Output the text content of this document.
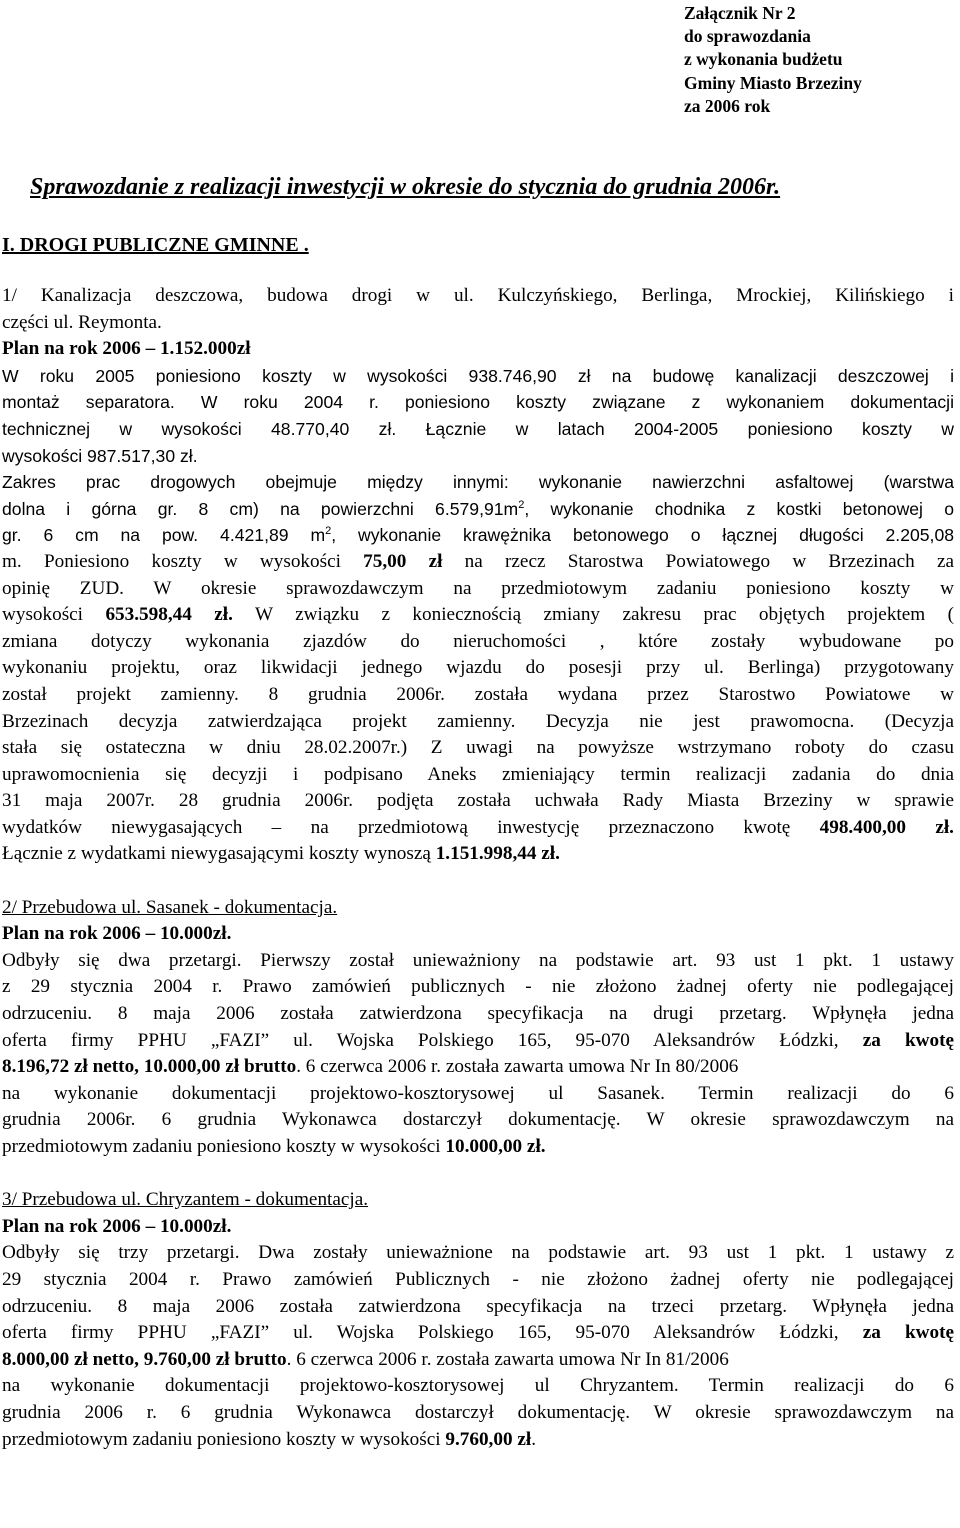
Załącznik Nr 2
do sprawozdania
z wykonania budżetu
Gminy Miasto Brzeziny
za 2006 rok
Sprawozdanie z realizacji inwestycji w okresie do stycznia do grudnia 2006r.
I. DROGI PUBLICZNE GMINNE .
1/ Kanalizacja deszczowa, budowa drogi w ul. Kulczyńskiego, Berlinga, Mrockiej, Kilińskiego i
części ul. Reymonta.
Plan na rok 2006 – 1.152.000zł
W roku 2005 poniesiono koszty w wysokości 938.746,90 zł na budowę kanalizacji deszczowej i
montaż separatora. W roku 2004 r. poniesiono koszty związane z wykonaniem dokumentacji
technicznej w wysokości 48.770,40 zł. Łącznie w latach 2004-2005 poniesiono koszty w
wysokości 987.517,30 zł.
Zakres prac drogowych obejmuje między innymi: wykonanie nawierzchni asfaltowej (warstwa
dolna i górna gr. 8 cm) na powierzchni $6.579,91m^2$, wykonanie chodnika z kostki betonowej o
gr. 6 cm na pow. 4.421,89 $m^2$, wykonanie krawężnika betonowego o łącznej długości 2.205,08
m. Poniesiono koszty w wysokości 75,00 zł na rzecz Starostwa Powiatowego w Brzezinach za
opinię ZUD. W okresie sprawozdawczym na przedmiotowym zadaniu poniesiono koszty w
wysokości 653.598,44 zł. W związku z koniecznością zmiany zakresu prac objętych projektem (
zmiana dotyczy wykonania zjazdów do nieruchomości , które zostały wybudowane po
wykonaniu projektu, oraz likwidacji jednego wjazdu do posesji przy ul. Berlinga) przygotowany
został projekt zamienny. 8 grudnia 2006r. została wydana przez Starostwo Powiatowe w
Brzezinach decyzja zatwierdzająca projekt zamienny. Decyzja nie jest prawomocna. (Decyzja
stała się ostateczna w dniu 28.02.2007r.) Z uwagi na powyższe wstrzymano roboty do czasu
uprawomocnienia się decyzji i podpisano Aneks zmieniający termin realizacji zadania do dnia
31 maja 2007r. 28 grudnia 2006r. podjęta została uchwała Rady Miasta Brzeziny w sprawie
wydatków niewygasających – na przedmiotową inwestycję przeznaczono kwotę 498.400,00 zł.
Łącznie z wydatkami niewygasającymi koszty wynoszą 1.151.998,44 zł.
2/ Przebudowa ul. Sasanek - dokumentacja.
Plan na rok 2006 – 10.000zł.
Odbyły się dwa przetargi. Pierwszy został unieważniony na podstawie art. 93 ust 1 pkt. 1 ustawy
z 29 stycznia 2004 r. Prawo zamówień publicznych - nie złożono żadnej oferty nie podlegającej
odrzuceniu. 8 maja 2006 została zatwierdzona specyfikacja na drugi przetarg. Wpłynęła jedna
oferta firmy PPHU „FAZI” ul. Wojska Polskiego 165, 95-070 Aleksandrów Łódzki, za kwotę
8.196,72 zł netto, 10.000,00 zł brutto. 6 czerwca 2006 r. została zawarta umowa Nr In 80/2006
na wykonanie dokumentacji projektowo-kosztorysowej ul Sasanek. Termin realizacji do 6
grudnia 2006r. 6 grudnia Wykonawca dostarczył dokumentację. W okresie sprawozdawczym na
przedmiotowym zadaniu poniesiono koszty w wysokości 10.000,00 zł.
3/ Przebudowa ul. Chryzantem - dokumentacja.
Plan na rok 2006 – 10.000zł.
Odbyły się trzy przetargi. Dwa zostały unieważnione na podstawie art. 93 ust 1 pkt. 1 ustawy z
29 stycznia 2004 r. Prawo zamówień Publicznych - nie złożono żadnej oferty nie podlegającej
odrzuceniu. 8 maja 2006 została zatwierdzona specyfikacja na trzeci przetarg. Wpłynęła jedna
oferta firmy PPHU „FAZI” ul. Wojska Polskiego 165, 95-070 Aleksandrów Łódzki, za kwotę
8.000,00 zł netto, 9.760,00 zł brutto. 6 czerwca 2006 r. została zawarta umowa Nr In 81/2006
na wykonanie dokumentacji projektowo-kosztorysowej ul Chryzantem. Termin realizacji do 6
grudnia 2006 r. 6 grudnia Wykonawca dostarczył dokumentację. W okresie sprawozdawczym na
przedmiotowym zadaniu poniesiono koszty w wysokości 9.760,00 zł.
